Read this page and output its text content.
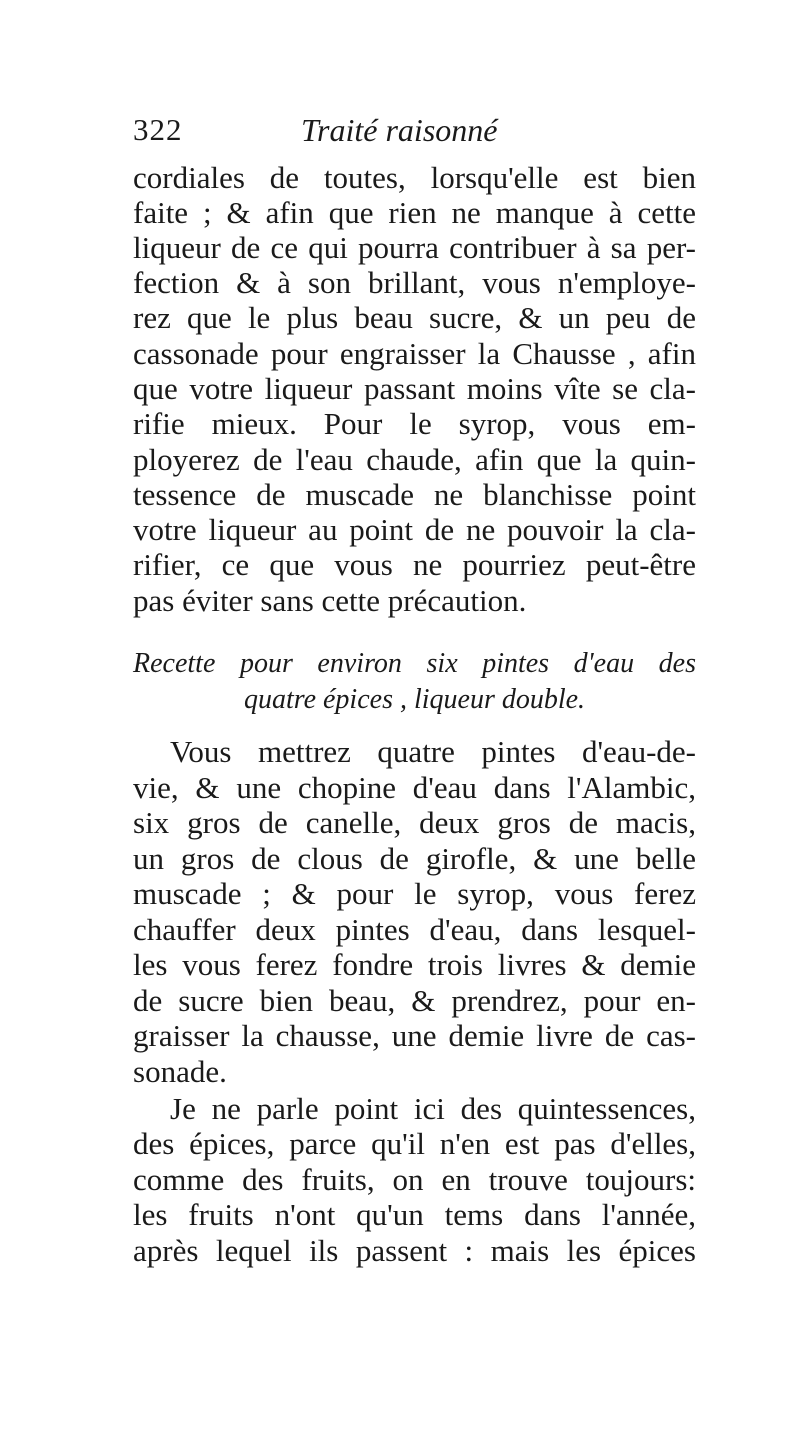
322	Traité raisonné
cordiales de toutes, lorsqu'elle est bien
faite ; & afin que rien ne manque à cette
liqueur de ce qui pourra contribuer à sa per-
fection & à son brillant, vous n'employe-
rez que le plus beau sucre, & un peu de
cassonade pour engraisser la Chausse , afin
que votre liqueur passant moins vîte se cla-
rifie mieux. Pour le syrop, vous em-
ployerez de l'eau chaude, afin que la quin-
tessence de muscade ne blanchisse point
votre liqueur au point de ne pouvoir la cla-
rifier, ce que vous ne pourriez peut-être
pas éviter sans cette précaution.
Recette pour environ six pintes d'eau des
quatre épices , liqueur double.
Vous mettrez quatre pintes d'eau-de-
vie, & une chopine d'eau dans l'Alambic,
six gros de canelle, deux gros de macis,
un gros de clous de girofle, & une belle
muscade ; & pour le syrop, vous ferez
chauffer deux pintes d'eau, dans lesquel-
les vous ferez fondre trois livres & demie
de sucre bien beau, & prendrez, pour en-
graisser la chausse, une demie livre de cas-
sonade.
Je ne parle point ici des quintessences,
des épices, parce qu'il n'en est pas d'elles,
comme des fruits, on en trouve toujours:
les fruits n'ont qu'un tems dans l'année,
après lequel ils passent : mais les épices
